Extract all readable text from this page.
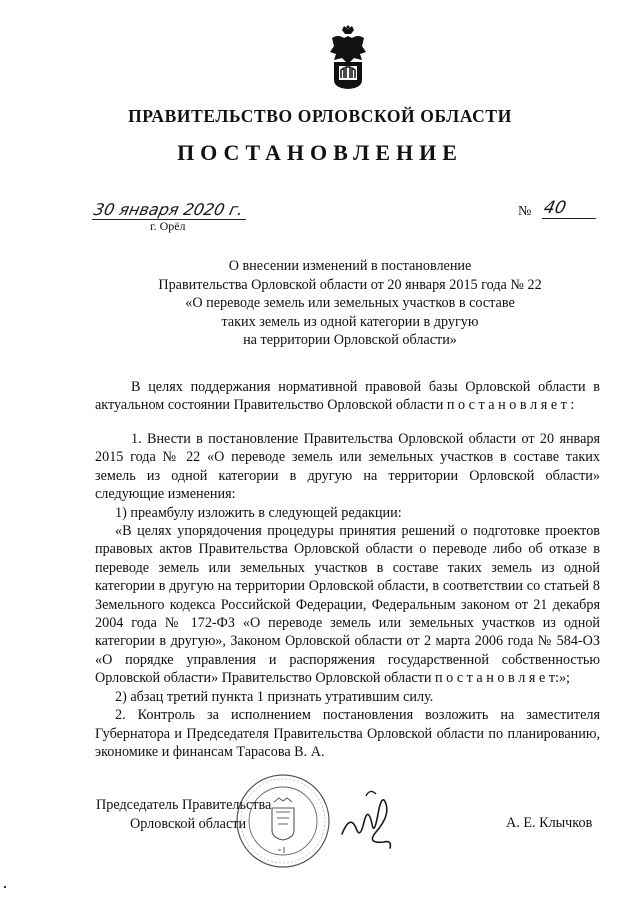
ПРАВИТЕЛЬСТВО ОРЛОВСКОЙ ОБЛАСТИ
ПОСТАНОВЛЕНИЕ
30 января 2020 г.
г. Орёл
№ 40
О внесении изменений в постановление
Правительства Орловской области от 20 января 2015 года № 22
«О переводе земель или земельных участков в составе
таких земель из одной категории в другую
на территории Орловской области»

В целях поддержания нормативной правовой базы Орловской области в актуальном состоянии Правительство Орловской области п о с т а н о в л я е т :

1. Внести в постановление Правительства Орловской области от 20 января 2015 года № 22 «О переводе земель или земельных участков в составе таких земель из одной категории в другую на территории Орловской области» следующие изменения:

1) преамбулу изложить в следующей редакции:

«В целях упорядочения процедуры принятия решений о подготовке проектов правовых актов Правительства Орловской области о переводе либо об отказе в переводе земель или земельных участков в составе таких земель из одной категории в другую на территории Орловской области, в соответствии со статьей 8 Земельного кодекса Российской Федерации, Федеральным законом от 21 декабря 2004 года № 172-ФЗ «О переводе земель или земельных участков из одной категории в другую», Законом Орловской области от 2 марта 2006 года № 584-ОЗ «О порядке управления и распоряжения государственной собственностью Орловской области» Правительство Орловской области п о с т а н о в л я е т:»;

2) абзац третий пункта 1 признать утратившим силу.

2. Контроль за исполнением постановления возложить на заместителя Губернатора и Председателя Правительства Орловской области по планированию, экономике и финансам Тарасова В. А.

Председатель Правительства
Орловской области	А. Е. Клычков
